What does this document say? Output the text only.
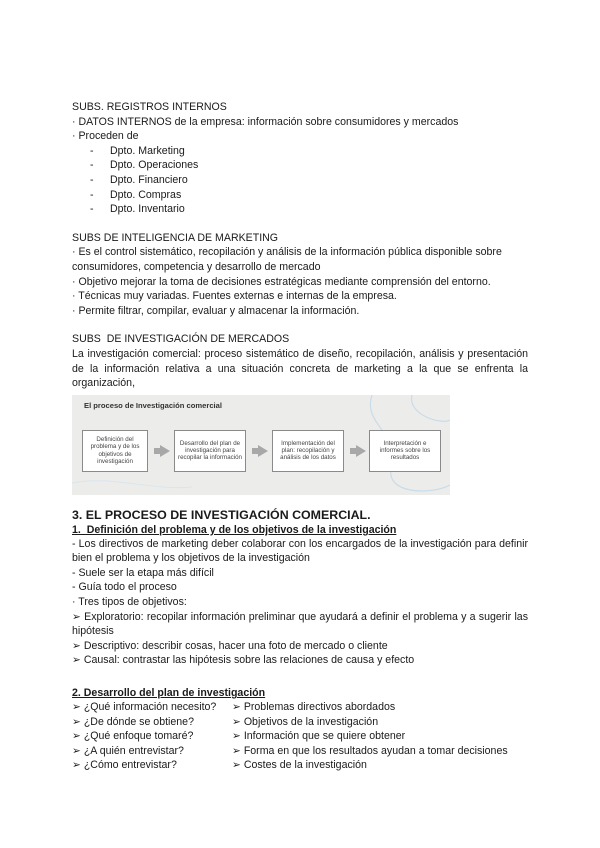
SUBS. REGISTROS INTERNOS
· DATOS INTERNOS de la empresa: información sobre consumidores y mercados
· Proceden de
- Dpto. Marketing
- Dpto. Operaciones
- Dpto. Financiero
- Dpto. Compras
- Dpto. Inventario
SUBS DE INTELIGENCIA DE MARKETING
· Es el control sistemático, recopilación y análisis de la información pública disponible sobre consumidores, competencia y desarrollo de mercado
· Objetivo mejorar la toma de decisiones estratégicas mediante comprensión del entorno.
· Técnicas muy variadas. Fuentes externas e internas de la empresa.
· Permite filtrar, compilar, evaluar y almacenar la información.
SUBS  DE INVESTIGACIÓN DE MERCADOS
La investigación comercial: proceso sistemático de diseño, recopilación, análisis y presentación de la información relativa a una situación concreta de marketing a la que se enfrenta la organización,
El proceso de Investigación comercial
Definición del problema y de los objetivos de investigación
Desarrollo del plan de investigación para recopilar la información
Implementación del plan: recopilación y análisis de los datos
Interpretación e informes sobre los resultados
3. EL PROCESO DE INVESTIGACIÓN COMERCIAL.
1.  Definición del problema y de los objetivos de la investigación
- Los directivos de marketing deber colaborar con los encargados de la investigación para definir bien el problema y los objetivos de la investigación
- Suele ser la etapa más difícil
- Guía todo el proceso
· Tres tipos de objetivos:
➢ Exploratorio: recopilar información preliminar que ayudará a definir el problema y a sugerir las hipótesis
➢ Descriptivo: describir cosas, hacer una foto de mercado o cliente
➢ Causal: contrastar las hipótesis sobre las relaciones de causa y efecto
2. Desarrollo del plan de investigación
➢ ¿Qué información necesito?	➢ Problemas directivos abordados
➢ ¿De dónde se obtiene?	➢ Objetivos de la investigación
➢ ¿Qué enfoque tomaré?	➢ Información que se quiere obtener
➢ ¿A quién entrevistar?	➢ Forma en que los resultados ayudan a tomar decisiones
➢ ¿Cómo entrevistar?	➢ Costes de la investigación
